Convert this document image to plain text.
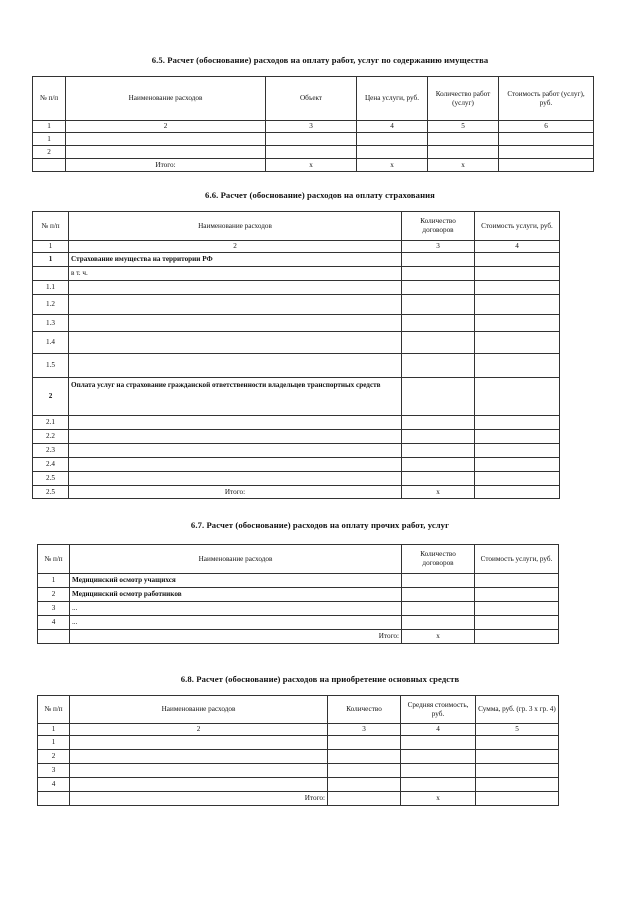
6.5. Расчет (обоснование) расходов на оплату работ, услуг по содержанию имущества
№ п/п	Наименование расходов	Объект	Цена услуги, руб.	Количество работ (услуг)	Стоимость работ (услуг), руб.
1	2	3	4	5	6
1					
2					
	Итого:	х	х	х	
6.6. Расчет (обоснование) расходов на оплату страхования
№ п/п	Наименование расходов	Количество договоров	Стоимость услуги, руб.
1	2	3	4
1	Страхование имущества на территории РФ		
	в т. ч.		
1.1			
1.2			
1.3			
1.4			
1.5			
2	Оплата услуг на страхование гражданской ответственности владельцев транспортных средств		
2.1			
2.2			
2.3			
2.4			
2.5			
2.5	Итого:	х	
6.7. Расчет (обоснование) расходов на оплату прочих работ, услуг
№ п/п	Наименование расходов	Количество договоров	Стоимость услуги, руб.
1	Медицинский осмотр учащихся		
2	Медицинский осмотр работников		
3	...		
4	...		
	Итого:	х	
6.8. Расчет (обоснование) расходов на приобретение основных средств
№ п/п	Наименование расходов	Количество	Средняя стоимость, руб.	Сумма, руб. (гр. 3 х гр. 4)
1	2	3	4	5
1				
2				
3				
4				
	Итого:		х	
